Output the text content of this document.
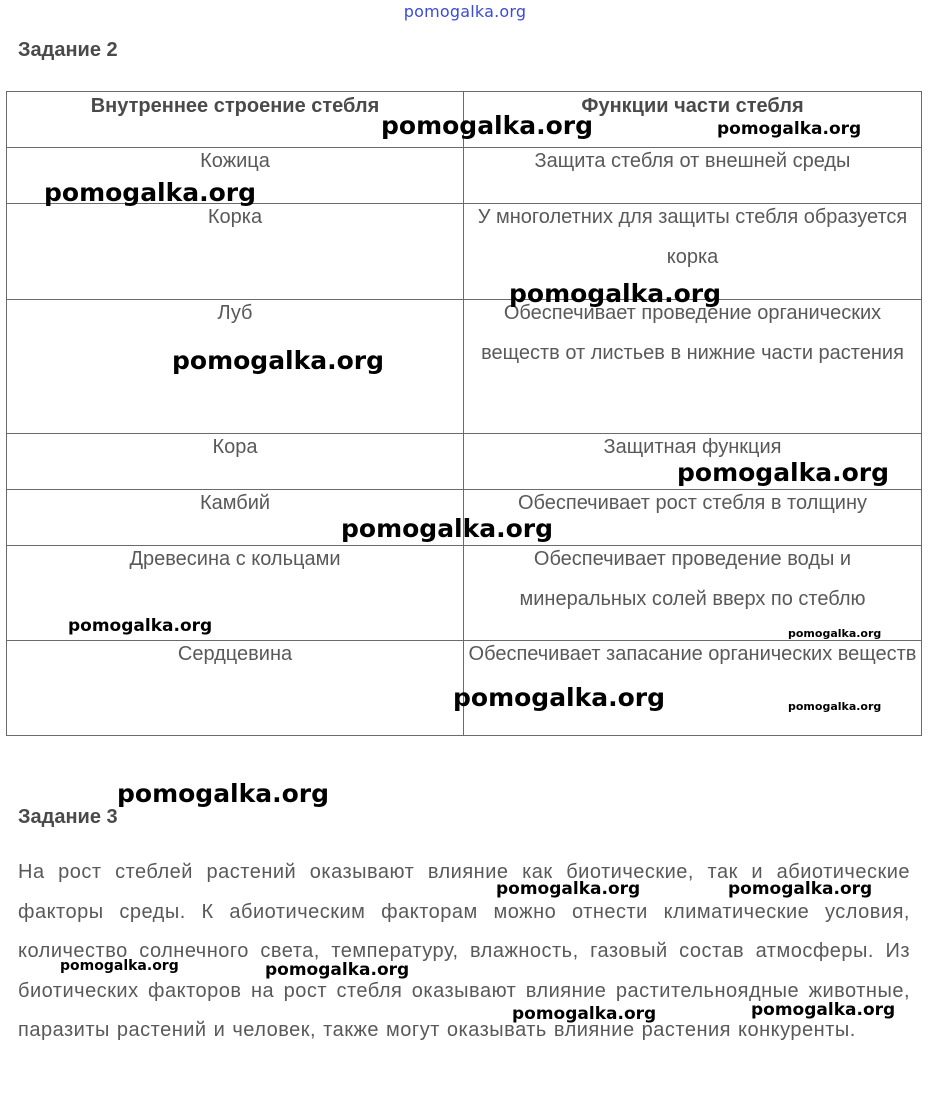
pomogalka.org
Задание 2
Внутреннее строение стебля	Функции части стебля

Кожица	Защита стебля от внешней среды

Корка	У многолетних для защиты стебля образуется корка

Луб	Обеспечивает проведение органических веществ от листьев в нижние части растения

Кора	Защитная функция

Камбий	Обеспечивает рост стебля в толщину

Древесина с кольцами	Обеспечивает проведение воды и минеральных солей вверх по стеблю

Сердцевина	Обеспечивает запасание органических веществ
Задание 3
На рост стеблей растений оказывают влияние как биотические, так и абиотические факторы среды. К абиотическим факторам можно отнести климатические условия, количество солнечного света, температуру, влажность, газовый состав атмосферы. Из биотических факторов на рост стебля оказывают влияние растительноядные животные, паразиты растений и человек, также могут оказывать влияние растения конкуренты.
pomogalka.org	pomogalka.org
pomogalka.org
pomogalka.org
pomogalka.org
pomogalka.org
pomogalka.org
pomogalka.org	pomogalka.org
pomogalka.org	pomogalka.org
pomogalka.org
pomogalka.org	pomogalka.org
pomogalka.org	pomogalka.org
pomogalka.org
pomogalka.org
